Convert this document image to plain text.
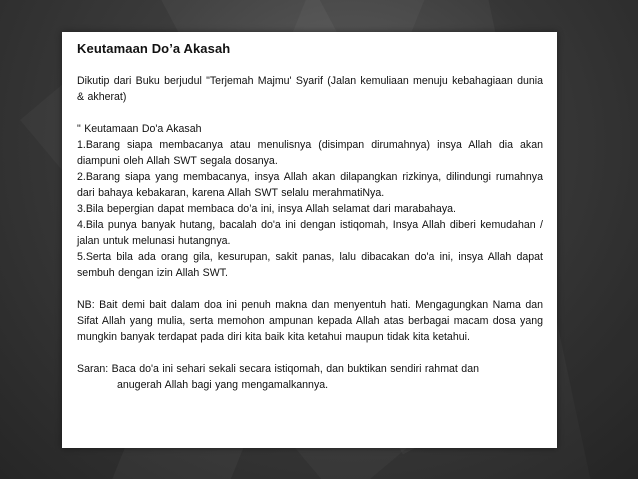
Keutamaan Do’a Akasah

Dikutip dari Buku berjudul "Terjemah Majmu' Syarif (Jalan kemuliaan menuju kebahagiaan dunia & akherat)

" Keutamaan Do'a Akasah

1.Barang siapa membacanya atau menulisnya (disimpan dirumahnya) insya Allah dia akan diampuni oleh Allah SWT segala dosanya.

2.Barang siapa yang membacanya, insya Allah akan dilapangkan rizkinya, dilindungi rumahnya dari bahaya kebakaran, karena Allah SWT selalu merahmatiNya.

3.Bila bepergian dapat membaca do’a ini, insya Allah selamat dari marabahaya.

4.Bila punya banyak hutang, bacalah do'a ini dengan istiqomah, Insya Allah diberi kemudahan / jalan untuk melunasi hutangnya.

5.Serta bila ada orang gila, kesurupan, sakit panas, lalu dibacakan do'a ini, insya Allah dapat sembuh dengan izin Allah SWT.

NB: Bait demi bait dalam doa ini penuh makna dan menyentuh hati. Mengagungkan Nama dan Sifat Allah yang mulia, serta memohon ampunan kepada Allah atas berbagai macam dosa yang mungkin banyak terdapat pada diri kita baik kita ketahui maupun tidak kita ketahui.

Saran: Baca do'a ini sehari sekali secara istiqomah, dan buktikan sendiri rahmat dan

anugerah Allah bagi yang mengamalkannya.
